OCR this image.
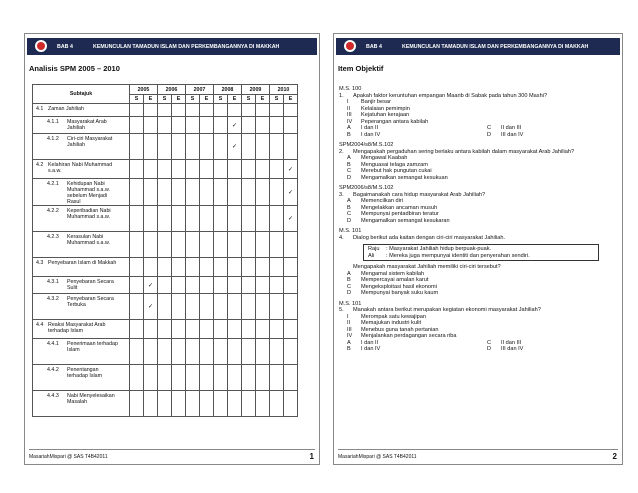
BAB 4	KEMUNCULAN TAMADUN ISLAM DAN PERKEMBANGANNYA DI MAKKAH
Analisis SPM 2005 – 2010
Subtajuk	2005		2006		2007		2008		2009		2010	
	S	E	S	E	S	E	S	E	S	E	S	E

4.1 Zaman Jahiliah												

4.1.1 Masyarakat Arab Jahiliah								✓				

4.1.2 Ciri-ciri Masyarakat Jahiliah								✓				

4.2 Kelahiran Nabi Muhammad s.a.w.												✓

4.2.1 Kehidupan Nabi Muhammad s.a.w. sebelum Menjadi Rasul												✓

4.2.2 Keperibadian Nabi Muhammad s.a.w.												✓

4.2.3 Kerasulan Nabi Muhammad s.a.w.												

4.3 Penyebaran Islam di Makkah												

4.3.1 Penyebaran Secara Sulit		✓										

4.3.2 Penyebaran Secara Terbuka		✓										

4.4 Reaksi Masyarakat Arab terhadap Islam												

4.4.1 Penerimaan terhadap Islam												

4.4.2 Penentangan terhadap Islam												

4.4.3 Nabi Menyelesaikan Masalah												

MasariahMispari @ SAS T4B42011	1
BAB 4	KEMUNCULAN TAMADUN ISLAM DAN PERKEMBANGANNYA DI MAKKAH
Item Objektif
M.S. 100
1.	Apakah faktor keruntuhan empangan Maarib di Sabak pada tahun 300 Mashi?
I	Banjir besar
II	Kelalaian pemimpin
III	Kejatuhan kerajaan
IV	Peperangan antara kabilah
A	I dan II	C	II dan III
B	I dan IV	D	III dan IV
SPM2004/s8/M.S.102
2.	Mengapakah pergaduhan sering berlaku antara kabilah dalam masyarakat Arab Jahiliah?
A	Mengawal Kaabah
B	Menguasai telaga zamzam
C	Merebut hak pungutan cukai
D	Mengamalkan semangat kesukuan
SPM2006/s8/M.S.102
3.	Bagaimanakah cara hidup masyarakat Arab Jahiliah?
A	Memencilkan diri
B	Mengelakkan ancaman musuh
C	Mempunyai pentadbiran teratur
D	Mengamalkan semangat kesukaran
M.S. 101
4.	Dialog berikut ada kaitan dengan ciri-ciri masyarakat Jahiliah.
Raju	: Masyarakat Jahiliah hidup berpuak-puak.
Ali	: Mereka juga mempunyai identiti dan penyerahan sendiri.
Mengapakah masyarakat Jahiliah memiliki ciri-ciri tersebut?
A	Mengamal sistem kabilah
B	Mempercayai amalan karut
C	Mengeksploitasi hasil ekonomi
D	Mempunyai banyak suku kaum
M.S. 101
5.	Manakah antara berikut merupakan kegiatan ekonomi masyarakat Jahiliah?
I	Merompak satu kewajipan
II	Memajukan industri kulit
III	Menebus guna tanah pertanian
IV	Menjalankan perdagangan secara riba
A	I dan II	C	II dan III
B	I dan IV	D	III dan IV
MasariahMispari @ SAS T4B42011	2
